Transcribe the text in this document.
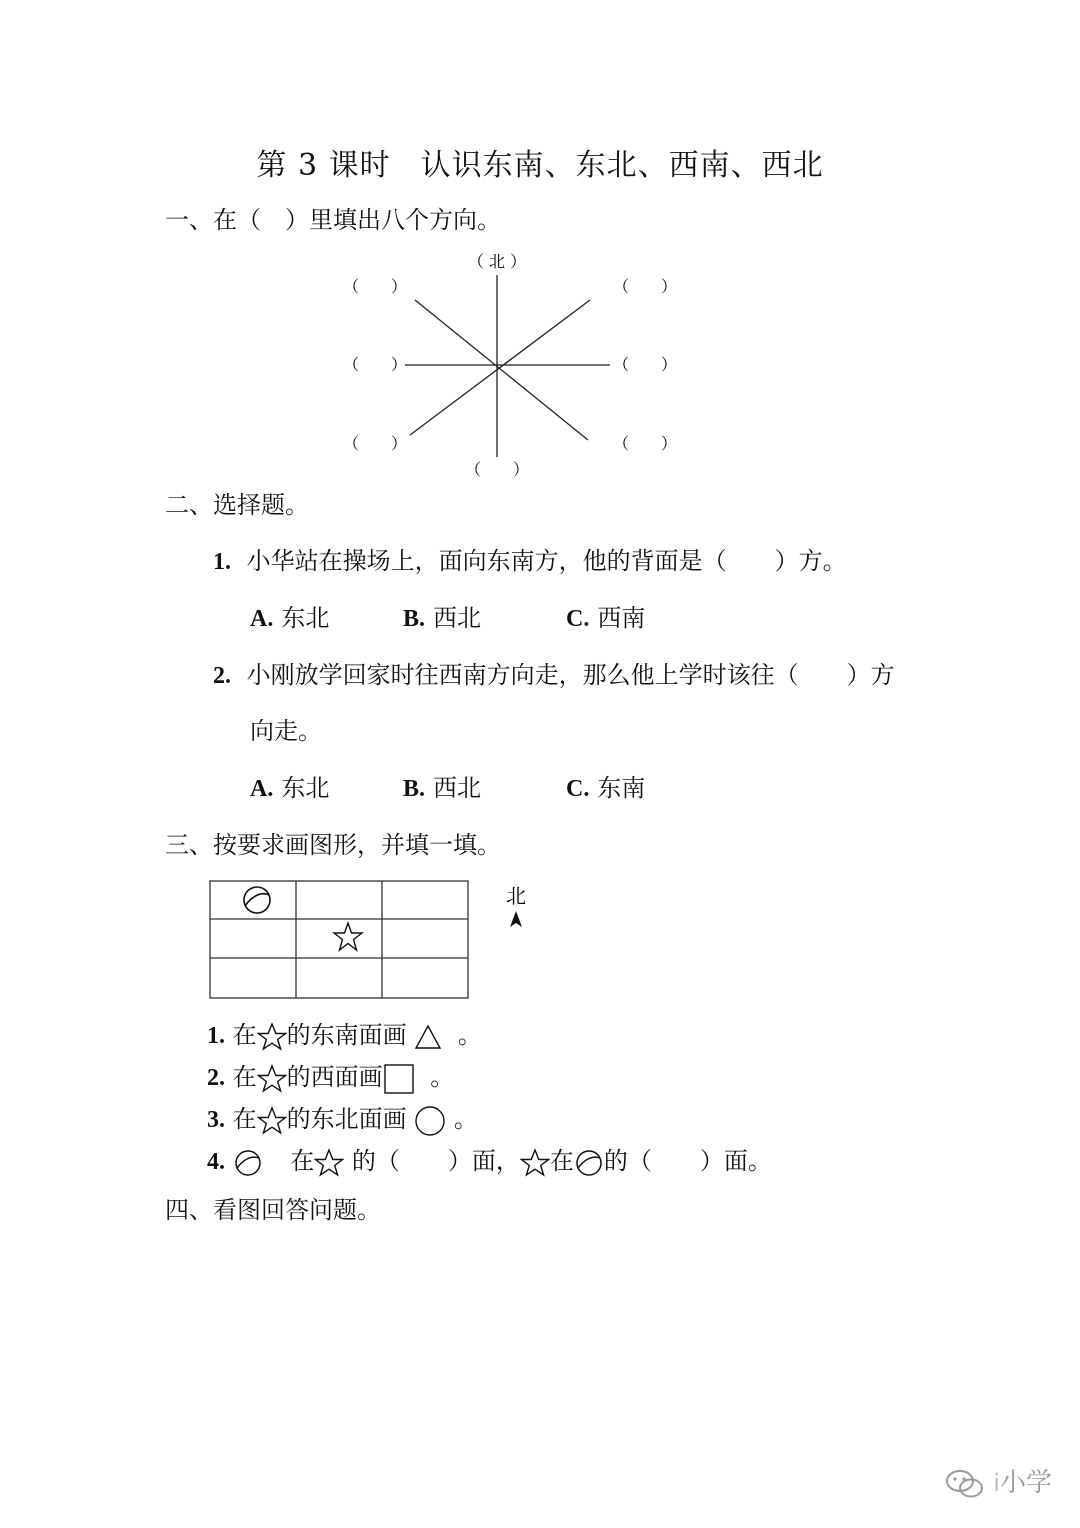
第 3 课时 认识东南、东北、西南、西北
一、在（　）里填出八个方向。
（ 北 ）
（　　）	（　　）
（　　）	（　　）
（　　）	（　　）
（　　）
二、选择题。
1. 小华站在操场上，面向东南方，他的背面是（　　）方。
A. 东北	B. 西北	C. 西南
2. 小刚放学回家时往西南方向走，那么他上学时该往（　　）方
向走。
A. 东北	B. 西北	C. 东南
三、按要求画图形，并填一填。
北
1. 在 的东南面画 。
2. 在 的西面画 。
3. 在 的东北面画 。
4.	在 的（　　）面， 在 的（　　）面。
四、看图回答问题。
i小学
